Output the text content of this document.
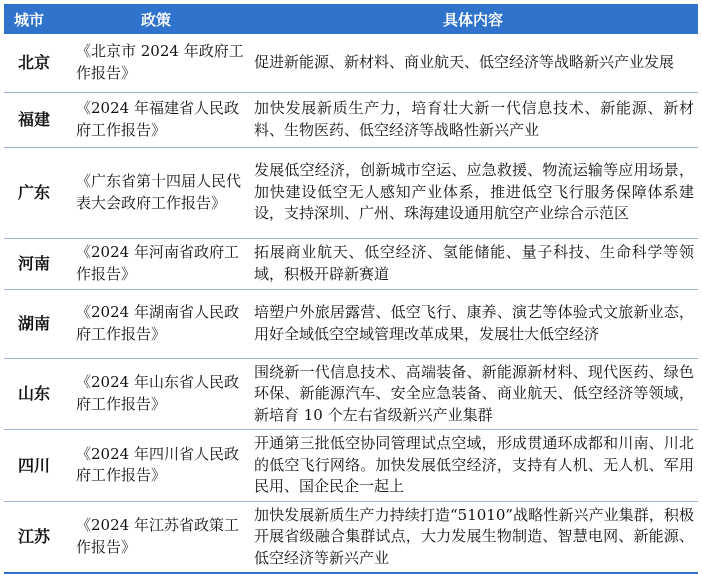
城市	政策	具体内容
北京	《北京市 2024 年政府工作报告》	促进新能源、新材料、商业航天、低空经济等战略新兴产业发展
福建	《2024 年福建省人民政府工作报告》	加快发展新质生产力，培育壮大新一代信息技术、新能源、新材料、生物医药、低空经济等战略性新兴产业
广东	《广东省第十四届人民代表大会政府工作报告》	发展低空经济，创新城市空运、应急救援、物流运输等应用场景，加快建设低空无人感知产业体系，推进低空飞行服务保障体系建设，支持深圳、广州、珠海建设通用航空产业综合示范区
河南	《2024 年河南省政府工作报告》	拓展商业航天、低空经济、氢能储能、量子科技、生命科学等领域，积极开辟新赛道
湖南	《2024 年湖南省人民政府工作报告》	培塑户外旅居露营、低空飞行、康养、演艺等体验式文旅新业态，用好全域低空空域管理改革成果，发展壮大低空经济
山东	《2024 年山东省人民政府工作报告》	围绕新一代信息技术、高端装备、新能源新材料、现代医药、绿色环保、新能源汽车、安全应急装备、商业航天、低空经济等领域，新培育 10 个左右省级新兴产业集群
四川	《2024 年四川省人民政府工作报告》	开通第三批低空协同管理试点空域，形成贯通环成都和川南、川北的低空飞行网络。加快发展低空经济，支持有人机、无人机、军用民用、国企民企一起上
江苏	《2024 年江苏省政策工作报告》	加快发展新质生产力持续打造“51010”战略性新兴产业集群，积极开展省级融合集群试点，大力发展生物制造、智慧电网、新能源、低空经济等新兴产业
